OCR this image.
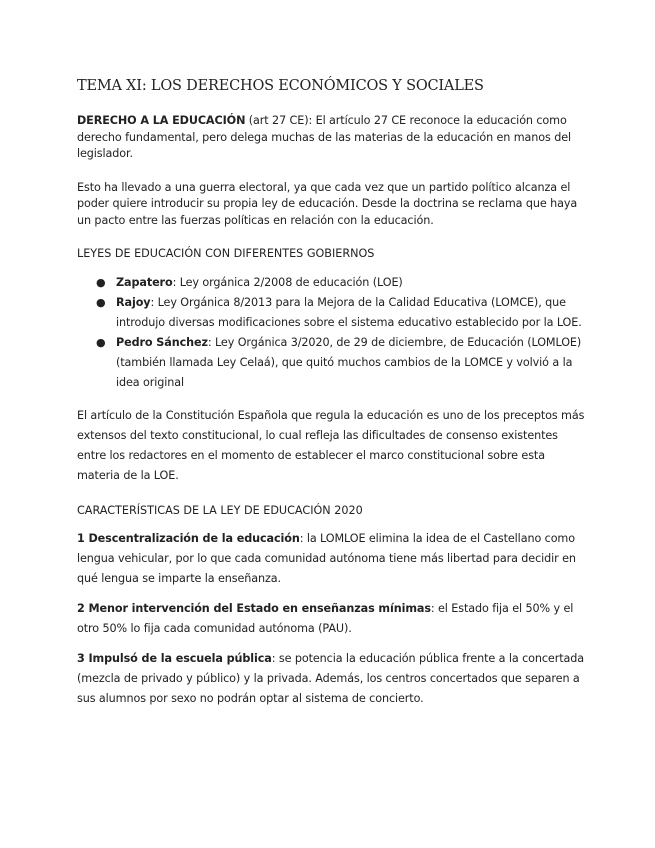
TEMA XI: LOS DERECHOS ECONÓMICOS Y SOCIALES

DERECHO A LA EDUCACIÓN (art 27 CE): El artículo 27 CE reconoce la educación como derecho fundamental, pero delega muchas de las materias de la educación en manos del legislador.

Esto ha llevado a una guerra electoral, ya que cada vez que un partido político alcanza el poder quiere introducir su propia ley de educación. Desde la doctrina se reclama que haya un pacto entre las fuerzas políticas en relación con la educación.

LEYES DE EDUCACIÓN CON DIFERENTES GOBIERNOS

● Zapatero: Ley orgánica 2/2008 de educación (LOE)
● Rajoy: Ley Orgánica 8/2013 para la Mejora de la Calidad Educativa (LOMCE), que introdujo diversas modificaciones sobre el sistema educativo establecido por la LOE.
● Pedro Sánchez: Ley Orgánica 3/2020, de 29 de diciembre, de Educación (LOMLOE) (también llamada Ley Celaá), que quitó muchos cambios de la LOMCE y volvió a la idea original

El artículo de la Constitución Española que regula la educación es uno de los preceptos más extensos del texto constitucional, lo cual refleja las dificultades de consenso existentes entre los redactores en el momento de establecer el marco constitucional sobre esta materia de la LOE.

CARACTERÍSTICAS DE LA LEY DE EDUCACIÓN 2020

1 Descentralización de la educación: la LOMLOE elimina la idea de el Castellano como lengua vehicular, por lo que cada comunidad autónoma tiene más libertad para decidir en qué lengua se imparte la enseñanza.

2 Menor intervención del Estado en enseñanzas mínimas: el Estado fija el 50% y el otro 50% lo fija cada comunidad autónoma (PAU).

3 Impulsó de la escuela pública: se potencia la educación pública frente a la concertada (mezcla de privado y público) y la privada. Además, los centros concertados que separen a sus alumnos por sexo no podrán optar al sistema de concierto.
